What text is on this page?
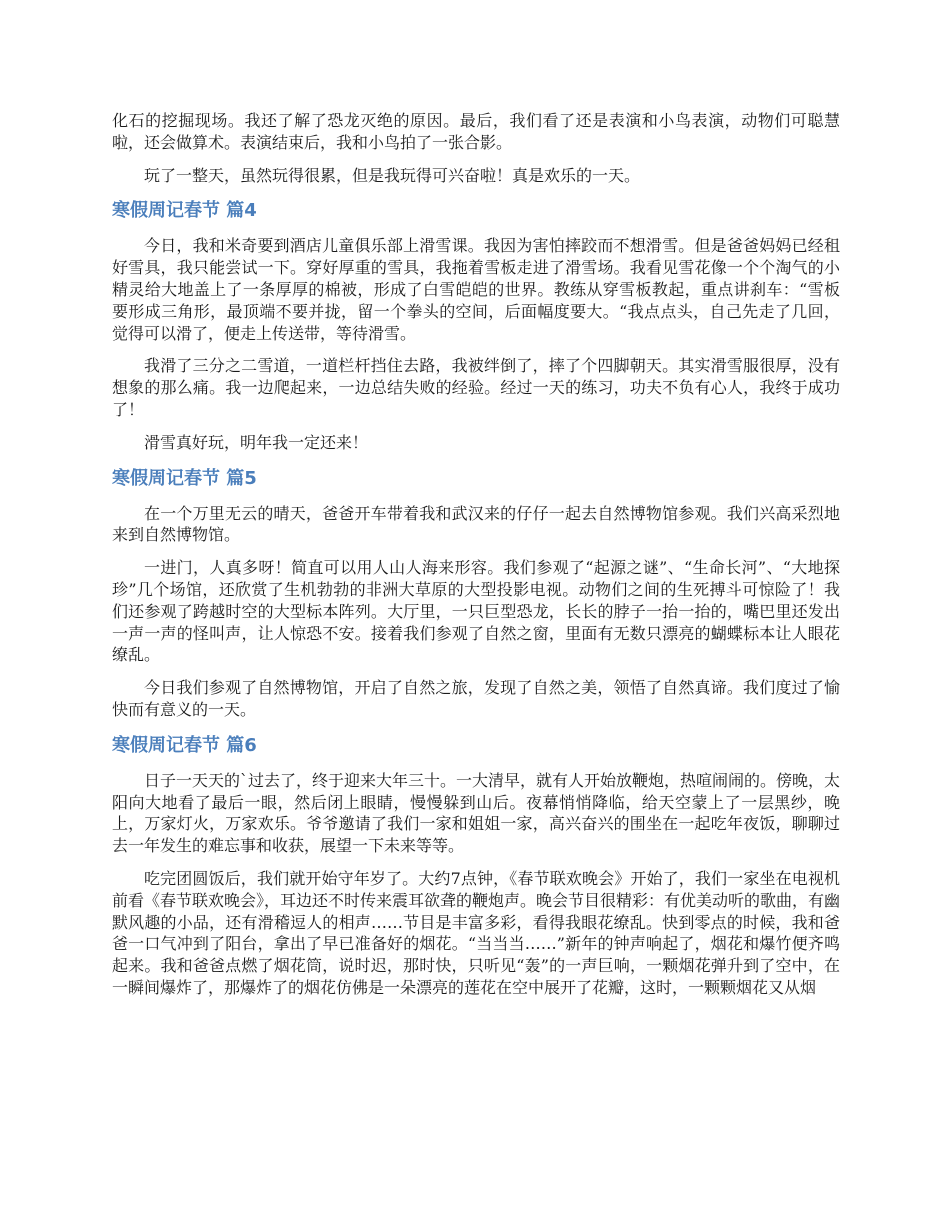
化石的挖掘现场。我还了解了恐龙灭绝的原因。最后，我们看了还是表演和小鸟表演，动物们可聪慧啦，还会做算术。表演结束后，我和小鸟拍了一张合影。

玩了一整天，虽然玩得很累，但是我玩得可兴奋啦！真是欢乐的一天。

寒假周记春节 篇4

今日，我和米奇要到酒店儿童俱乐部上滑雪课。我因为害怕摔跤而不想滑雪。但是爸爸妈妈已经租好雪具，我只能尝试一下。穿好厚重的雪具，我拖着雪板走进了滑雪场。我看见雪花像一个个淘气的小精灵给大地盖上了一条厚厚的棉被，形成了白雪皑皑的世界。教练从穿雪板教起，重点讲刹车：“雪板要形成三角形，最顶端不要并拢，留一个拳头的空间，后面幅度要大。“我点点头，自己先走了几回，觉得可以滑了，便走上传送带，等待滑雪。

我滑了三分之二雪道，一道栏杆挡住去路，我被绊倒了，摔了个四脚朝天。其实滑雪服很厚，没有想象的那么痛。我一边爬起来，一边总结失败的经验。经过一天的练习，功夫不负有心人，我终于成功了！

滑雪真好玩，明年我一定还来！

寒假周记春节 篇5

在一个万里无云的晴天，爸爸开车带着我和武汉来的仔仔一起去自然博物馆参观。我们兴高采烈地来到自然博物馆。

一进门，人真多呀！简直可以用人山人海来形容。我们参观了“起源之谜”、“生命长河”、“大地探珍”几个场馆，还欣赏了生机勃勃的非洲大草原的大型投影电视。动物们之间的生死搏斗可惊险了！我们还参观了跨越时空的大型标本阵列。大厅里，一只巨型恐龙，长长的脖子一抬一抬的，嘴巴里还发出一声一声的怪叫声，让人惊恐不安。接着我们参观了自然之窗，里面有无数只漂亮的蝴蝶标本让人眼花缭乱。

今日我们参观了自然博物馆，开启了自然之旅，发现了自然之美，领悟了自然真谛。我们度过了愉快而有意义的一天。

寒假周记春节 篇6

日子一天天的`过去了，终于迎来大年三十。一大清早，就有人开始放鞭炮，热喧闹闹的。傍晚，太阳向大地看了最后一眼，然后闭上眼睛，慢慢躲到山后。夜幕悄悄降临，给天空蒙上了一层黑纱，晚上，万家灯火，万家欢乐。爷爷邀请了我们一家和姐姐一家，高兴奋兴的围坐在一起吃年夜饭，聊聊过去一年发生的难忘事和收获，展望一下未来等等。

吃完团圆饭后，我们就开始守年岁了。大约7点钟，《春节联欢晚会》开始了，我们一家坐在电视机前看《春节联欢晚会》，耳边还不时传来震耳欲聋的鞭炮声。晚会节目很精彩：有优美动听的歌曲，有幽默风趣的小品，还有滑稽逗人的相声……节目是丰富多彩，看得我眼花缭乱。快到零点的时候，我和爸爸一口气冲到了阳台，拿出了早已准备好的烟花。“当当当……”新年的钟声响起了，烟花和爆竹便齐鸣起来。我和爸爸点燃了烟花筒，说时迟，那时快，只听见“轰”的一声巨响，一颗烟花弹升到了空中，在一瞬间爆炸了，那爆炸了的烟花仿佛是一朵漂亮的莲花在空中展开了花瓣，这时，一颗颗烟花又从烟
